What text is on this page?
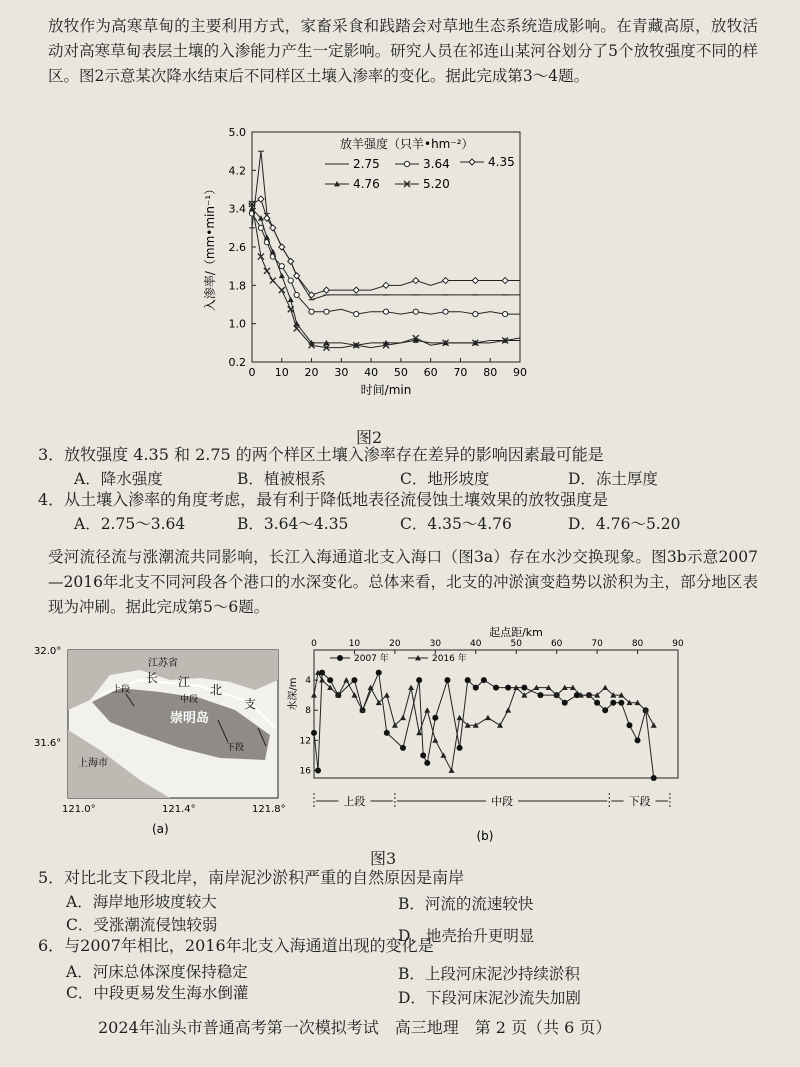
放牧作为高寒草甸的主要利用方式，家畜采食和践踏会对草地生态系统造成影响。在青藏高原，放牧活动对高寒草甸表层土壤的入渗能力产生一定影响。研究人员在祁连山某河谷划分了5个放牧强度不同的样区。图2示意某次降水结束后不同样区土壤入渗率的变化。据此完成第3～4题。
0 10 20 30 40 50 60 70 80 90
0.2
1.0
1.8
2.6
3.4
4.2
5.0
时间/min
入渗率/（mm•min⁻¹）
放羊强度（只羊•hm⁻²）
2.75	3.64	4.35
4.76	5.20
图2
3．放牧强度 4.35 和 2.75 的两个样区土壤入渗率存在差异的影响因素最可能是
A．降水强度	B．植被根系	C．地形坡度	D．冻土厚度
4．从土壤入渗率的角度考虑，最有利于降低地表径流侵蚀土壤效果的放牧强度是
A．2.75～3.64	B．3.64～4.35	C．4.35～4.76	D．4.76～5.20
受河流径流与涨潮流共同影响，长江入海通道北支入海口（图3a）存在水沙交换现象。图3b示意2007—2016年北支不同河段各个港口的水深变化。总体来看，北支的冲淤演变趋势以淤积为主，部分地区表现为冲刷。据此完成第5～6题。
32.0°
31.6°
121.0°	121.4°	121.8°
江苏省
上海市
崇明岛
上段
中段
下段
长 江
北
支
(a)
起点距/km
0	10	20	30	40	50	60	70	80	90
4
8
12
16
水深/m
2007 年	2016 年
上段	中段	下段
(b)
图3
5．对比北支下段北岸，南岸泥沙淤积严重的自然原因是南岸
A．海岸地形坡度较大	B．河流的流速较快
C．受涨潮流侵蚀较弱
D．地壳抬升更明显
6．与2007年相比，2016年北支入海通道出现的变化是
A．河床总体深度保持稳定	B．上段河床泥沙持续淤积
C．中段更易发生海水倒灌	D．下段河床泥沙流失加剧
2024年汕头市普通高考第一次模拟考试　高三地理　第 2 页（共 6 页）
